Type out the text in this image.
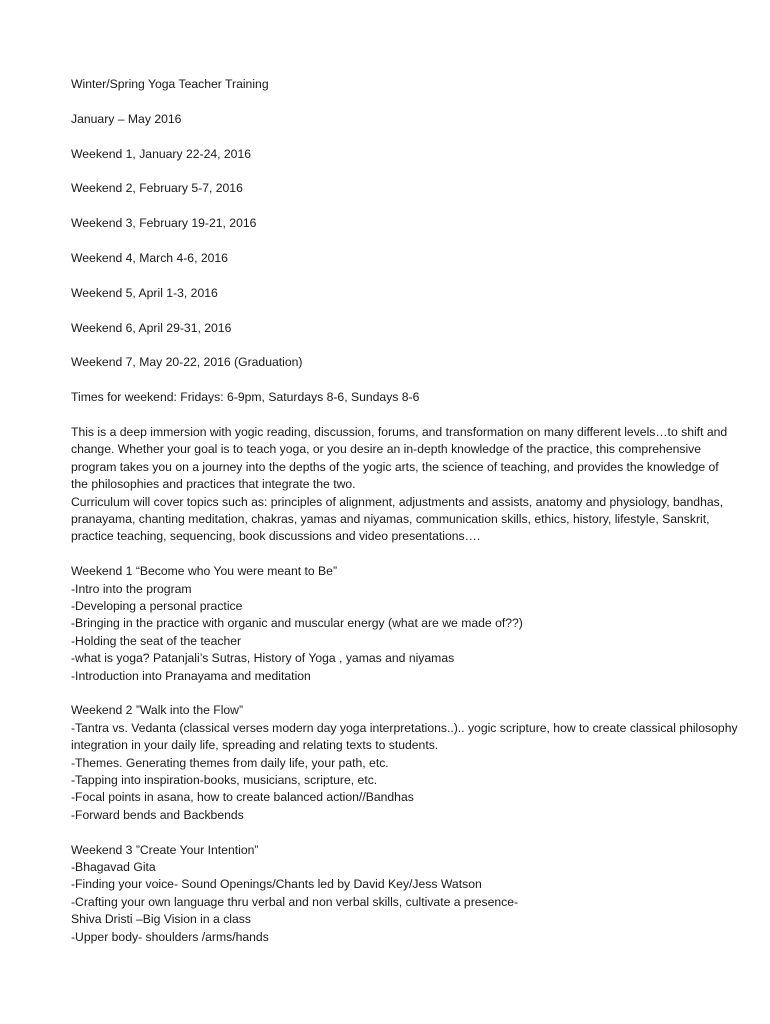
Winter/Spring Yoga Teacher Training
January – May 2016
Weekend 1, January 22-24, 2016
Weekend 2, February 5-7, 2016
Weekend 3, February 19-21, 2016
Weekend 4, March 4-6, 2016
Weekend 5, April 1-3, 2016
Weekend 6, April 29-31, 2016
Weekend 7, May 20-22, 2016 (Graduation)
Times for weekend: Fridays: 6-9pm, Saturdays 8-6, Sundays 8-6
This is a deep immersion with yogic reading, discussion, forums, and transformation on many different levels…to shift and
change. Whether your goal is to teach yoga, or you desire an in-depth knowledge of the practice, this comprehensive
program takes you on a journey into the depths of the yogic arts, the science of teaching, and provides the knowledge of
the philosophies and practices that integrate the two.
Curriculum will cover topics such as: principles of alignment, adjustments and assists, anatomy and physiology, bandhas,
pranayama, chanting meditation, chakras, yamas and niyamas, communication skills, ethics, history, lifestyle, Sanskrit,
practice teaching, sequencing, book discussions and video presentations….
Weekend 1 “Become who You were meant to Be”
-Intro into the program
-Developing a personal practice
-Bringing in the practice with organic and muscular energy (what are we made of??)
-Holding the seat of the teacher
-what is yoga? Patanjali’s Sutras, History of Yoga , yamas and niyamas
-Introduction into Pranayama and meditation
Weekend 2 ”Walk into the Flow”
-Tantra vs. Vedanta (classical verses modern day yoga interpretations..).. yogic scripture, how to create classical philosophy
integration in your daily life, spreading and relating texts to students.
-Themes. Generating themes from daily life, your path, etc.
-Tapping into inspiration-books, musicians, scripture, etc.
-Focal points in asana, how to create balanced action//Bandhas
-Forward bends and Backbends
Weekend 3 ”Create Your Intention”
-Bhagavad Gita
-Finding your voice- Sound Openings/Chants led by David Key/Jess Watson
-Crafting your own language thru verbal and non verbal skills, cultivate a presence-
Shiva Dristi –Big Vision in a class
-Upper body- shoulders /arms/hands
